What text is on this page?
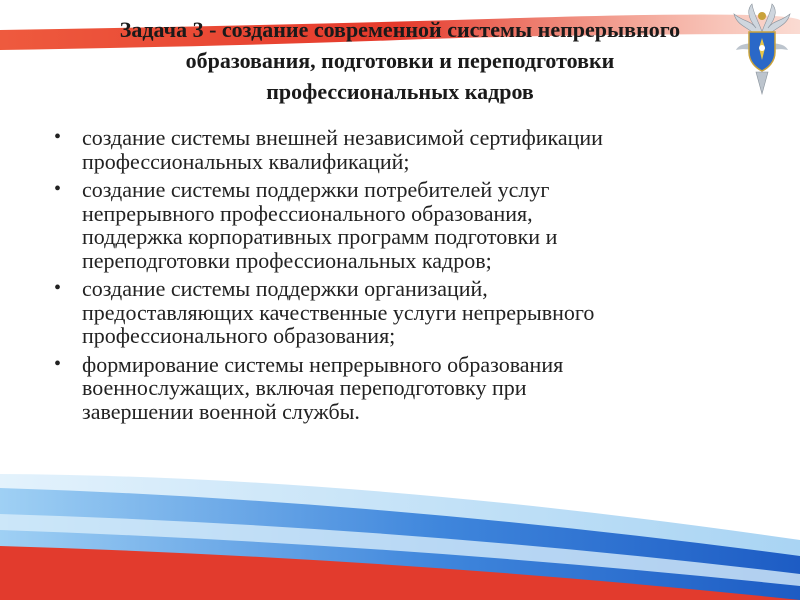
Задача 3 - создание современной системы непрерывного
образования, подготовки и переподготовки
профессиональных кадров
• создание системы внешней независимой сертификации
профессиональных квалификаций;
• создание системы поддержки потребителей услуг
непрерывного профессионального образования,
поддержка корпоративных программ подготовки и
переподготовки профессиональных кадров;
• создание системы поддержки организаций,
предоставляющих качественные услуги непрерывного
профессионального образования;
• формирование системы непрерывного образования
военнослужащих, включая переподготовку при
завершении военной службы.
